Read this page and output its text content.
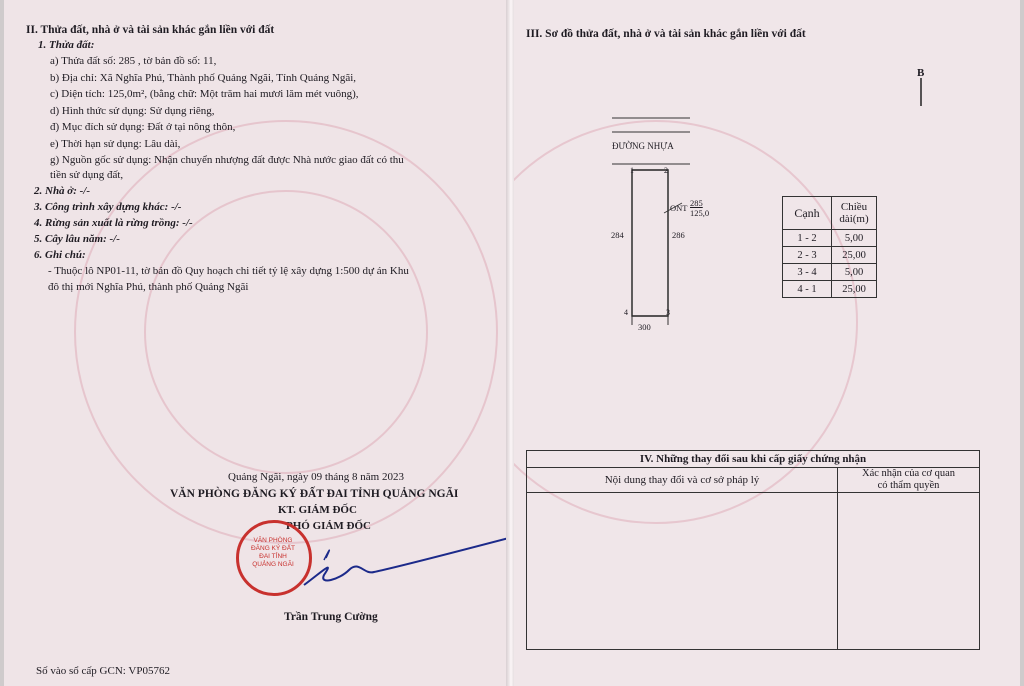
II. Thửa đất, nhà ở và tài sản khác gắn liền với đất
1. Thửa đất:
a) Thửa đất số: 285 , tờ bản đồ số: 11,
b) Địa chỉ: Xã Nghĩa Phú, Thành phố Quảng Ngãi, Tỉnh Quảng Ngãi,
c) Diện tích: 125,0m², (bằng chữ: Một trăm hai mươi lăm mét vuông),
d) Hình thức sử dụng: Sử dụng riêng,
đ) Mục đích sử dụng: Đất ở tại nông thôn,
e) Thời hạn sử dụng: Lâu dài,
g) Nguồn gốc sử dụng: Nhận chuyển nhượng đất được Nhà nước giao đất có thu
tiền sử dụng đất,
2. Nhà ở: -/-
3. Công trình xây dựng khác: -/-
4. Rừng sản xuất là rừng trồng: -/-
5. Cây lâu năm: -/-
6. Ghi chú:
- Thuộc lô NP01-11, tờ bản đồ Quy hoạch chi tiết tỷ lệ xây dựng 1:500 dự án Khu
đô thị mới Nghĩa Phú, thành phố Quảng Ngãi
Quảng Ngãi, ngày 09 tháng 8 năm 2023
VĂN PHÒNG ĐĂNG KÝ ĐẤT ĐAI TỈNH QUẢNG NGÃI
KT. GIÁM ĐỐC
PHÓ GIÁM ĐỐC
VĂN PHÒNG ĐĂNG KÝ ĐẤT ĐAI TỈNH QUẢNG NGÃI
Trần Trung Cường
Số vào sổ cấp GCN: VP05762
III. Sơ đồ thửa đất, nhà ở và tài sản khác gắn liền với đất
B
ĐƯỜNG NHỰA
1	2
3
4
ONT 285
125,0
284	286
300
Cạnh	Chiều dài(m)
1 - 2	5,00
2 - 3	25,00
3 - 4	5,00
4 - 1	25,00
IV. Những thay đổi sau khi cấp giấy chứng nhận
Nội dung thay đổi và cơ sở pháp lý
Xác nhận của cơ quan
có thẩm quyền
